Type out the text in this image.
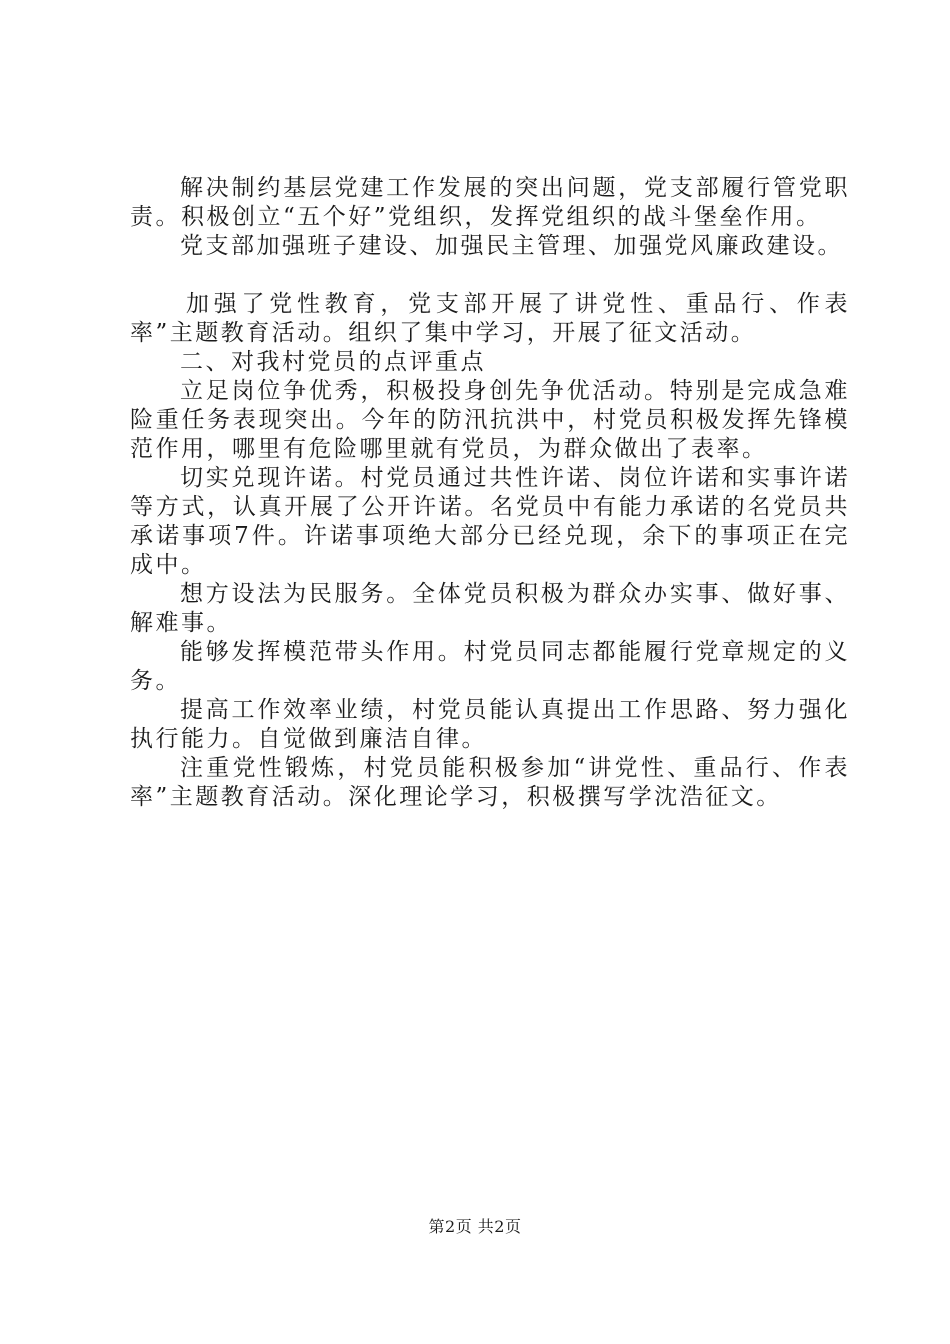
解决制约基层党建工作发展的突出问题，党支部履行管党职责。积极创立“五个好”党组织，发挥党组织的战斗堡垒作用。

党支部加强班子建设、加强民主管理、加强党风廉政建设。

加强了党性教育，党支部开展了讲党性、重品行、作表率”主题教育活动。组织了集中学习，开展了征文活动。

二、对我村党员的点评重点

立足岗位争优秀，积极投身创先争优活动。特别是完成急难险重任务表现突出。今年的防汛抗洪中，村党员积极发挥先锋模范作用，哪里有危险哪里就有党员，为群众做出了表率。

切实兑现许诺。村党员通过共性许诺、岗位许诺和实事许诺等方式，认真开展了公开许诺。名党员中有能力承诺的名党员共承诺事项7件。许诺事项绝大部分已经兑现，余下的事项正在完成中。

想方设法为民服务。全体党员积极为群众办实事、做好事、解难事。

能够发挥模范带头作用。村党员同志都能履行党章规定的义务。

提高工作效率业绩，村党员能认真提出工作思路、努力强化执行能力。自觉做到廉洁自律。

注重党性锻炼，村党员能积极参加“讲党性、重品行、作表率”主题教育活动。深化理论学习，积极撰写学沈浩征文。

第2页 共2页
